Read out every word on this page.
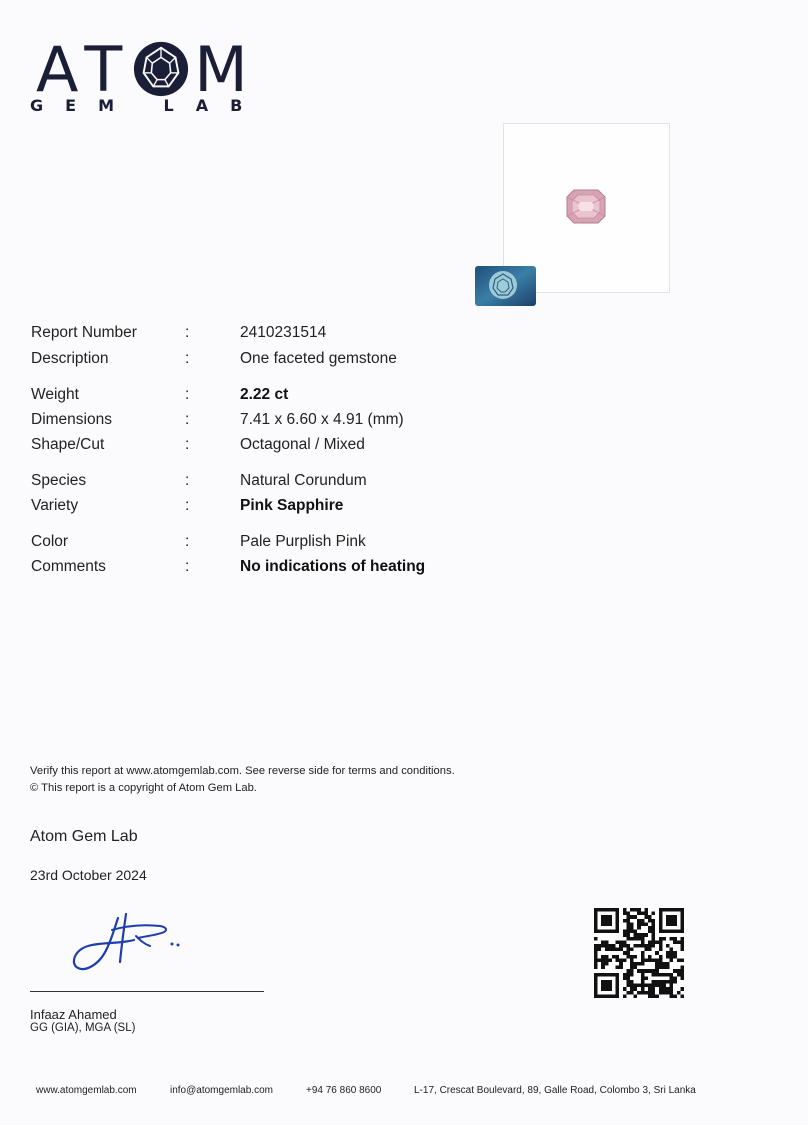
AT M
GEM LAB
Report Number	:	2410231514
Description	:	One faceted gemstone
Weight	:	2.22 ct
Dimensions	:	7.41 x 6.60 x 4.91 (mm)
Shape/Cut	:	Octagonal / Mixed
Species	:	Natural Corundum
Variety	:	Pink Sapphire
Color	:	Pale Purplish Pink
Comments	:	No indications of heating
Verify this report at www.atomgemlab.com. See reverse side for terms and conditions.
© This report is a copyright of Atom Gem Lab.
Atom Gem Lab
23rd October 2024
Infaaz Ahamed
GG (GIA), MGA (SL)
www.atomgemlab.com	info@atomgemlab.com	+94 76 860 8600	L-17, Crescat Boulevard, 89, Galle Road, Colombo 3, Sri Lanka
